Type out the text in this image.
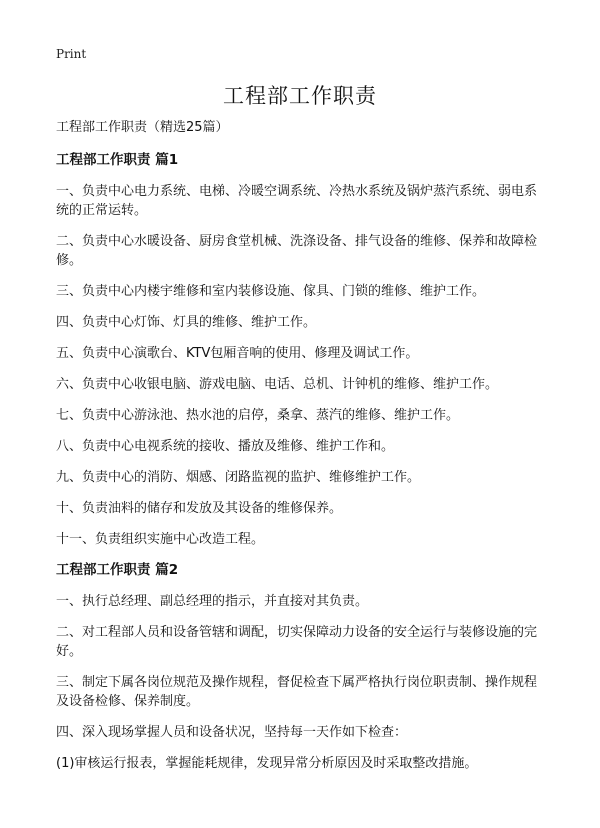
Print
工程部工作职责

工程部工作职责（精选25篇）

工程部工作职责 篇1

一、负责中心电力系统、电梯、冷暖空调系统、冷热水系统及锅炉蒸汽系统、弱电系统的正常运转。

二、负责中心水暖设备、厨房食堂机械、洗涤设备、排气设备的维修、保养和故障检修。

三、负责中心内楼宇维修和室内装修设施、傢具、门锁的维修、维护工作。

四、负责中心灯饰、灯具的维修、维护工作。

五、负责中心演歌台、KTV包厢音响的使用、修理及调试工作。

六、负责中心收银电脑、游戏电脑、电话、总机、计钟机的维修、维护工作。

七、负责中心游泳池、热水池的启停，桑拿、蒸汽的维修、维护工作。

八、负责中心电视系统的接收、播放及维修、维护工作和。

九、负责中心的消防、烟感、闭路监视的监护、维修维护工作。

十、负责油料的储存和发放及其设备的维修保养。

十一、负责组织实施中心改造工程。

工程部工作职责 篇2

一、执行总经理、副总经理的指示，并直接对其负责。

二、对工程部人员和设备管辖和调配，切实保障动力设备的安全运行与装修设施的完好。

三、制定下属各岗位规范及操作规程，督促检查下属严格执行岗位职责制、操作规程及设备检修、保养制度。

四、深入现场掌握人员和设备状况，坚持每一天作如下检查：

(1)审核运行报表，掌握能耗规律，发现异常分析原因及时采取整改措施。
